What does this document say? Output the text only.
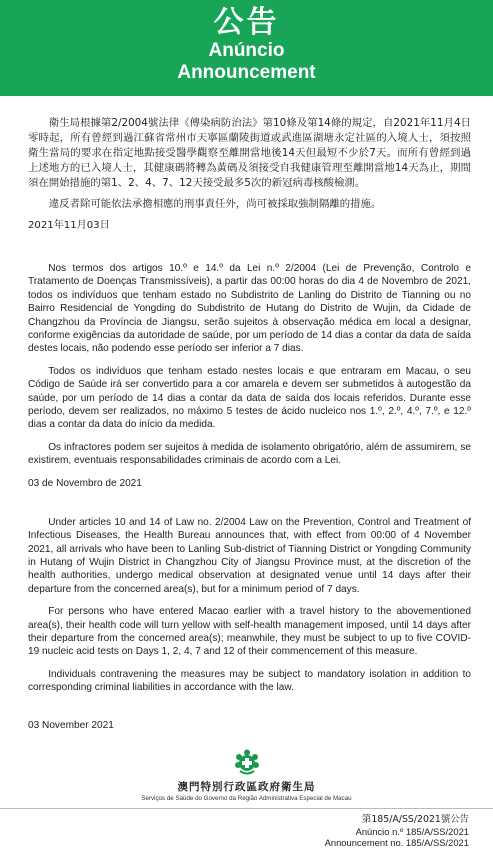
公告
Anúncio
Announcement

衛生局根據第2/2004號法律《傳染病防治法》第10條及第14條的規定，自2021年11月4日零時起，所有曾經到過江蘇省常州市天寧區蘭陵街道或武進區湖塘永定社區的入境人士，須按照衛生當局的要求在指定地點接受醫學觀察至離開當地後14天但最短不少於7天。而所有曾經到過上述地方的已入境人士，其健康碼將轉為黃碼及須接受自我健康管理至離開當地14天為止，期間須在開始措施的第1、2、4、7、12天接受最多5次的新冠病毒核酸檢測。

違反者除可能依法承擔相應的刑事責任外，尚可被採取強制隔離的措施。

2021年11月03日

Nos termos dos artigos 10.º e 14.º da Lei n.º 2/2004 (Lei de Prevenção, Controlo e Tratamento de Doenças Transmissíveis), a partir das 00:00 horas do dia 4 de Novembro de 2021, todos os indivíduos que tenham estado no Subdistrito de Lanling do Distrito de Tianning ou no Bairro Residencial de Yongding do Subdistrito de Hutang do Distrito de Wujin, da Cidade de Changzhou da Província de Jiangsu, serão sujeitos à observação médica em local a designar, conforme exigências da autoridade de saúde, por um período de 14 dias a contar da data de saída destes locais, não podendo esse período ser inferior a 7 dias.

Todos os indivíduos que tenham estado nestes locais e que entraram em Macau, o seu Código de Saúde irá ser convertido para a cor amarela e devem ser submetidos à autogestão da saúde, por um período de 14 dias a contar da data de saída dos locais referidos. Durante esse período, devem ser realizados, no máximo 5 testes de ácido nucleico nos 1.º, 2.º, 4.º, 7.º, e 12.º dias a contar da data do início da medida.

Os infractores podem ser sujeitos à medida de isolamento obrigatório, além de assumirem, se existirem, eventuais responsabilidades criminais de acordo com a Lei.

03 de Novembro de 2021

Under articles 10 and 14 of Law no. 2/2004 Law on the Prevention, Control and Treatment of Infectious Diseases, the Health Bureau announces that, with effect from 00:00 of 4 November 2021, all arrivals who have been to Lanling Sub-district of Tianning District or Yongding Community in Hutang of Wujin District in Changzhou City of Jiangsu Province must, at the discretion of the health authorities, undergo medical observation at designated venue until 14 days after their departure from the concerned area(s), but for a minimum period of 7 days.

For persons who have entered Macao earlier with a travel history to the abovementioned area(s), their health code will turn yellow with self-health management imposed, until 14 days after their departure from the concerned area(s); meanwhile, they must be subject to up to five COVID-19 nucleic acid tests on Days 1, 2, 4, 7 and 12 of their commencement of this measure.

Individuals contravening the measures may be subject to mandatory isolation in addition to corresponding criminal liabilities in accordance with the law.

03 November 2021

澳門特別行政區政府衛生局
Serviços de Saúde do Governo da Região Administrativa Especial de Macau
第185/A/SS/2021號公告
Anúncio n.º 185/A/SS/2021
Announcement no. 185/A/SS/2021
